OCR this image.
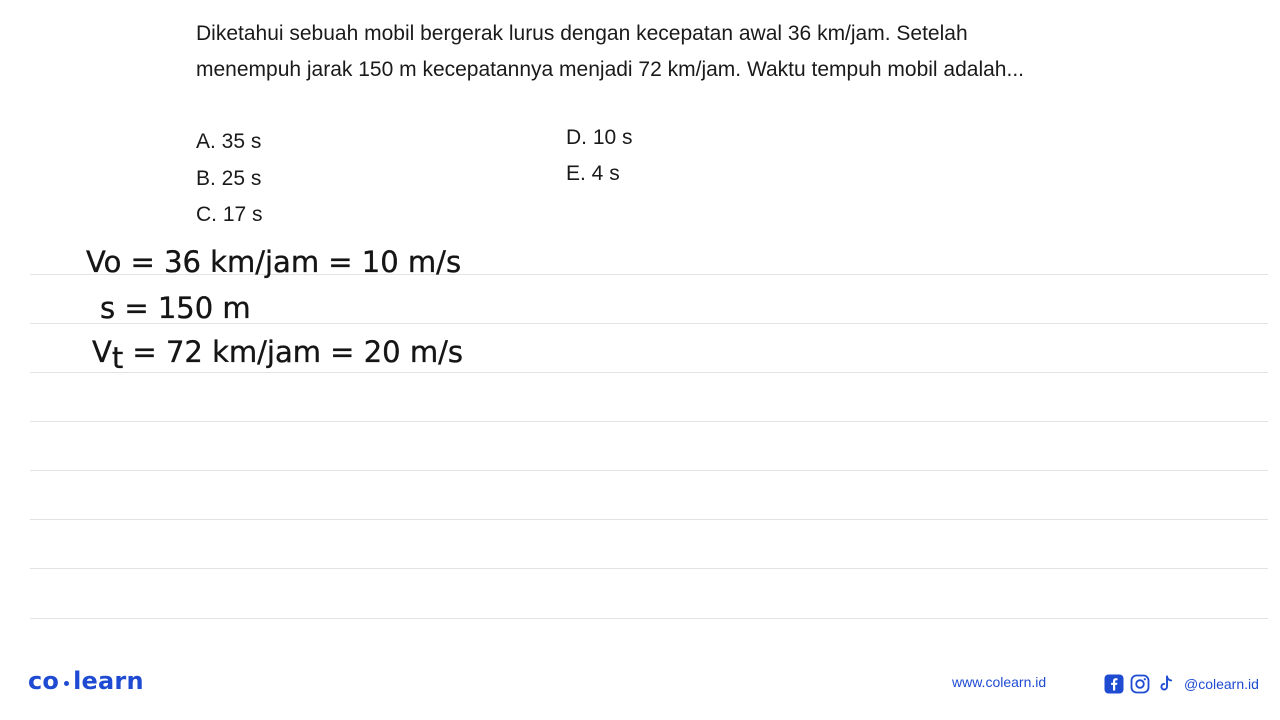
Diketahui sebuah mobil bergerak lurus dengan kecepatan awal 36 km/jam. Setelah menempuh jarak 150 m kecepatannya menjadi 72 km/jam. Waktu tempuh mobil adalah...

A. 35 s
B. 25 s
C. 17 s
D. 10 s
E. 4 s
Vo = 36 km/jam = 10 m/s
s = 150 m
Vt = 72 km/jam = 20 m/s
co learn	www.colearn.id	@colearn.id
